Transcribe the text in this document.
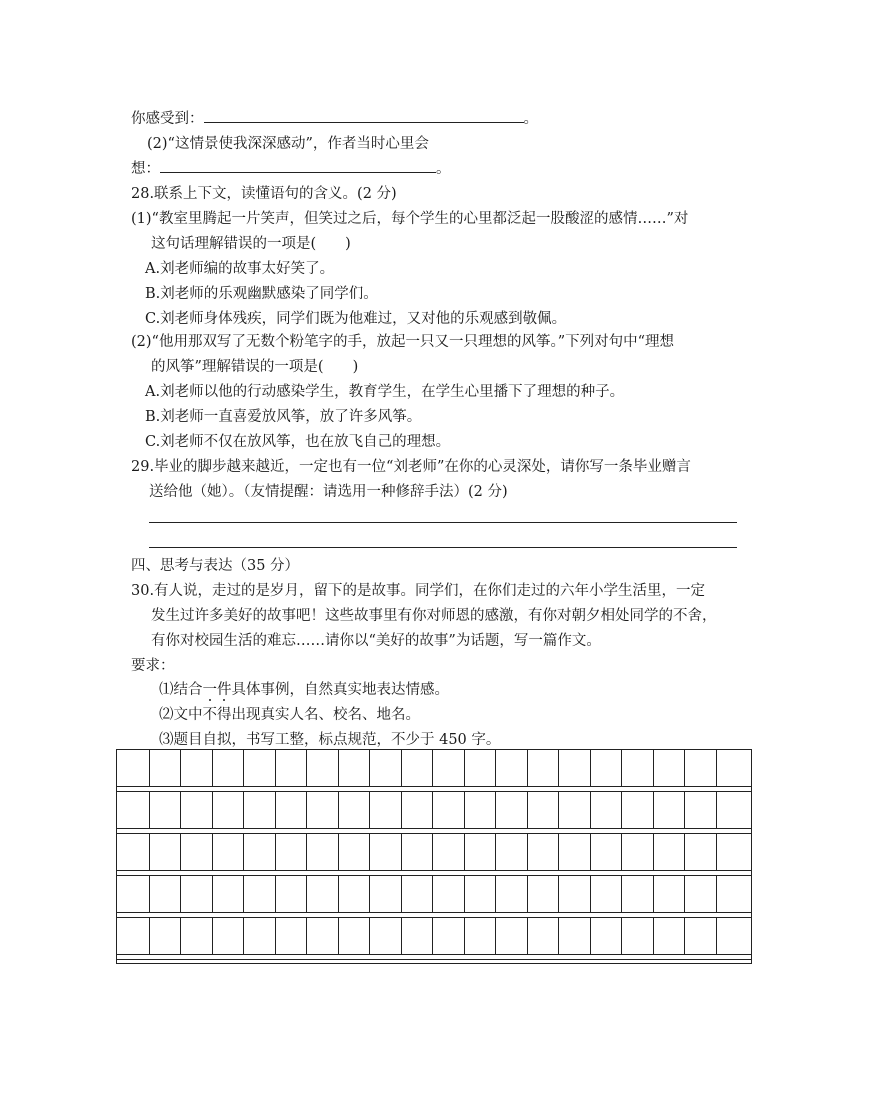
你感受到：	。
(2)“这情景使我深深感动”，作者当时心里会
想：	。
28.联系上下文，读懂语句的含义。(2 分)
(1)“教室里腾起一片笑声，但笑过之后，每个学生的心里都泛起一股酸涩的感情……”对
这句话理解错误的一项是(　　)
A.刘老师编的故事太好笑了。
B.刘老师的乐观幽默感染了同学们。
C.刘老师身体残疾，同学们既为他难过，又对他的乐观感到敬佩。
(2)“他用那双写了无数个粉笔字的手，放起一只又一只理想的风筝。”下列对句中“理想
的风筝”理解错误的一项是(　　)
A.刘老师以他的行动感染学生，教育学生，在学生心里播下了理想的种子。
B.刘老师一直喜爱放风筝，放了许多风筝。
C.刘老师不仅在放风筝，也在放飞自己的理想。
29.毕业的脚步越来越近，一定也有一位“刘老师”在你的心灵深处，请你写一条毕业赠言
送给他（她）。（友情提醒：请选用一种修辞手法）(2 分)
四、思考与表达（35 分）
30.有人说，走过的是岁月，留下的是故事。同学们，在你们走过的六年小学生活里，一定
发生过许多美好的故事吧！这些故事里有你对师恩的感激，有你对朝夕相处同学的不舍，
有你对校园生活的难忘……请你以“美好的故事”为话题，写一篇作文。
要求：
⑴结合一件具体事例，自然真实地表达情感。
⑵文中不得出现真实人名、校名、地名。
⑶题目自拟，书写工整，标点规范，不少于 450 字。
